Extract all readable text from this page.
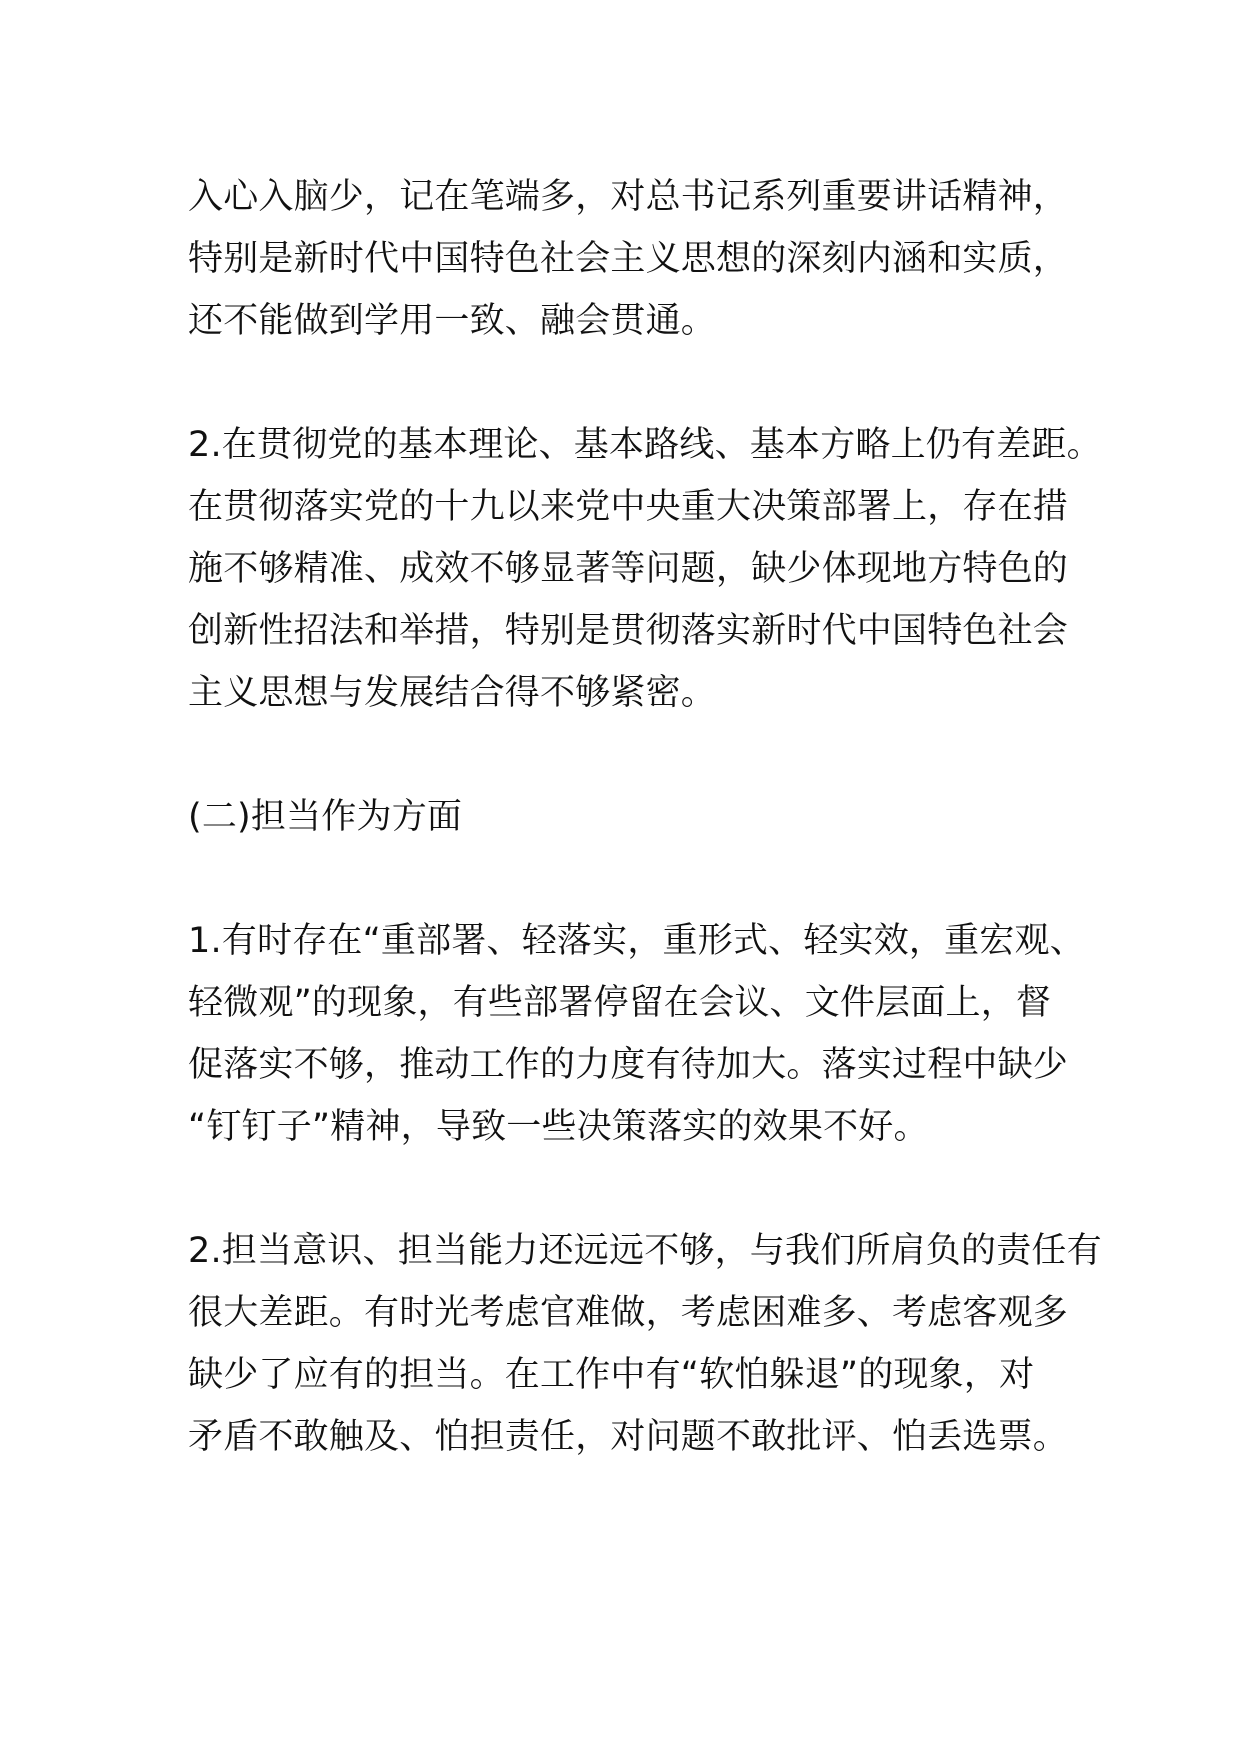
入心入脑少，记在笔端多，对总书记系列重要讲话精神，
特别是新时代中国特色社会主义思想的深刻内涵和实质，
还不能做到学用一致、融会贯通。
2.在贯彻党的基本理论、基本路线、基本方略上仍有差距。
在贯彻落实党的十九以来党中央重大决策部署上，存在措
施不够精准、成效不够显著等问题，缺少体现地方特色的
创新性招法和举措，特别是贯彻落实新时代中国特色社会
主义思想与发展结合得不够紧密。
(二)担当作为方面
1.有时存在“重部署、轻落实，重形式、轻实效，重宏观、
轻微观”的现象，有些部署停留在会议、文件层面上，督
促落实不够，推动工作的力度有待加大。落实过程中缺少
“钉钉子”精神，导致一些决策落实的效果不好。
2.担当意识、担当能力还远远不够，与我们所肩负的责任有
很大差距。有时光考虑官难做，考虑困难多、考虑客观多
缺少了应有的担当。在工作中有“软怕躲退”的现象，对
矛盾不敢触及、怕担责任，对问题不敢批评、怕丢选票。
